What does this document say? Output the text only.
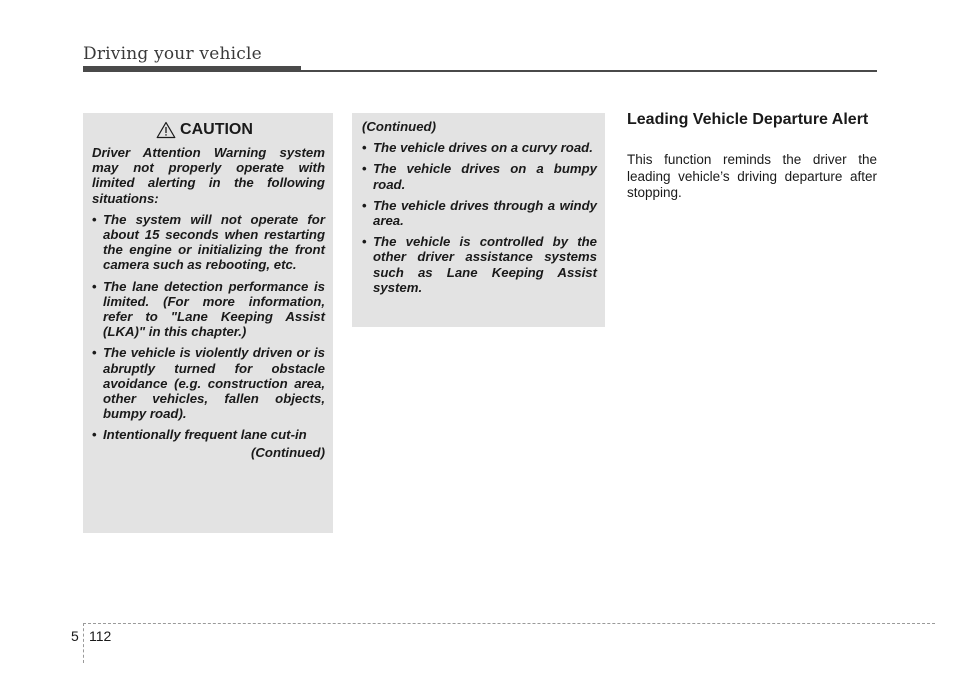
Driving your vehicle
CAUTION

Driver Attention Warning system may not properly operate with limited alerting in the following situations:

• The system will not operate for about 15 seconds when restarting the engine or initializing the front camera such as rebooting, etc.
• The lane detection performance is limited. (For more information, refer to "Lane Keeping Assist (LKA)" in this chapter.)
• The vehicle is violently driven or is abruptly turned for obstacle avoidance (e.g. construction area, other vehicles, fallen objects, bumpy road).
• Intentionally frequent lane cut-in

(Continued)

(Continued)

• The vehicle drives on a curvy road.
• The vehicle drives on a bumpy road.
• The vehicle drives through a windy area.
• The vehicle is controlled by the other driver assistance systems such as Lane Keeping Assist system.
Leading Vehicle Departure Alert

This function reminds the driver the leading vehicle’s driving departure after stopping.

5 112
